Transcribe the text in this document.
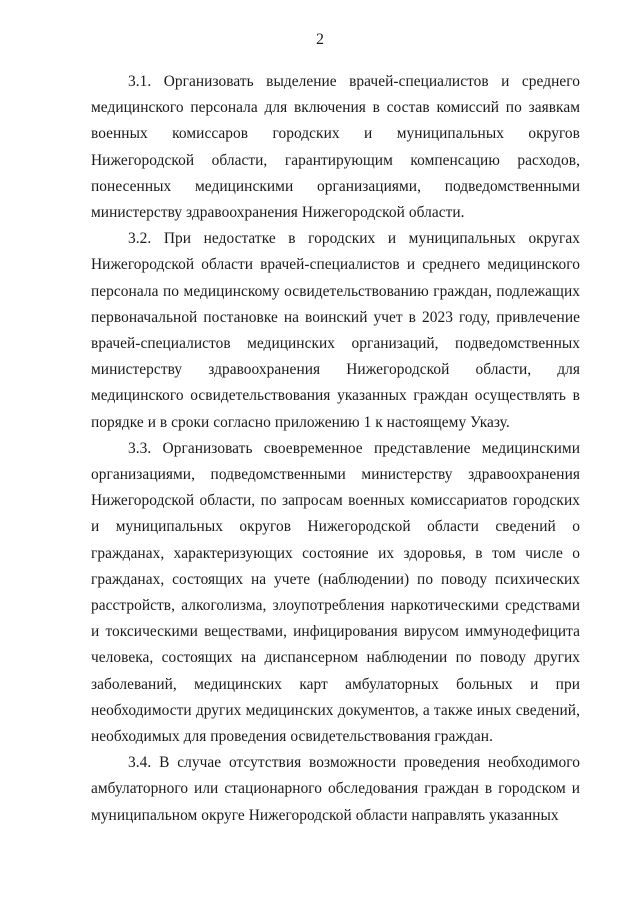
2

3.1. Организовать выделение врачей-специалистов и среднего медицинского персонала для включения в состав комиссий по заявкам военных комиссаров городских и муниципальных округов Нижегородской области, гарантирующим компенсацию расходов, понесенных медицинскими организациями, подведомственными министерству здравоохранения Нижегородской области.

3.2. При недостатке в городских и муниципальных округах Нижегородской области врачей-специалистов и среднего медицинского персонала по медицинскому освидетельствованию граждан, подлежащих первоначальной постановке на воинский учет в 2023 году, привлечение врачей-специалистов медицинских организаций, подведомственных министерству здравоохранения Нижегородской области, для медицинского освидетельствования указанных граждан осуществлять в порядке и в сроки согласно приложению 1 к настоящему Указу.

3.3. Организовать своевременное представление медицинскими организациями, подведомственными министерству здравоохранения Нижегородской области, по запросам военных комиссариатов городских и муниципальных округов Нижегородской области сведений о гражданах, характеризующих состояние их здоровья, в том числе о гражданах, состоящих на учете (наблюдении) по поводу психических расстройств, алкоголизма, злоупотребления наркотическими средствами и токсическими веществами, инфицирования вирусом иммунодефицита человека, состоящих на диспансерном наблюдении по поводу других заболеваний, медицинских карт амбулаторных больных и при необходимости других медицинских документов, а также иных сведений, необходимых для проведения освидетельствования граждан.

3.4. В случае отсутствия возможности проведения необходимого амбулаторного или стационарного обследования граждан в городском и муниципальном округе Нижегородской области направлять указанных
